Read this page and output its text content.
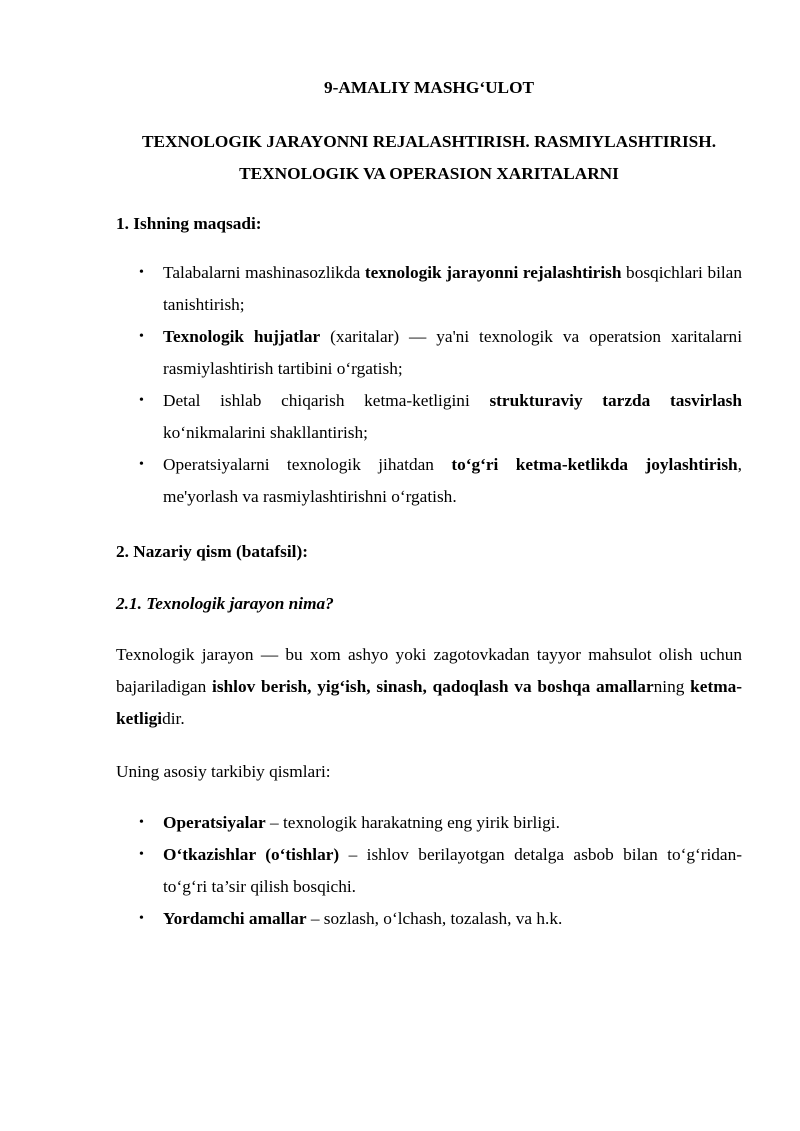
9-AMALIY MASHG‘ULOT
TEXNOLOGIK JARAYONNI REJALASHTIRISH. RASMIYLASHTIRISH.
TEXNOLOGIK VA OPERASION XARITALARNI
1. Ishning maqsadi:
• Talabalarni mashinasozlikda texnologik jarayonni rejalashtirish bosqichlari bilan tanishtirish;
• Texnologik hujjatlar (xaritalar) — ya'ni texnologik va operatsion xaritalarni rasmiylashtirish tartibini o‘rgatish;
• Detal ishlab chiqarish ketma-ketligini strukturaviy tarzda tasvirlash ko‘nikmalarini shakllantirish;
• Operatsiyalarni texnologik jihatdan to‘g‘ri ketma-ketlikda joylashtirish, me'yorlash va rasmiylashtirishni o‘rgatish.
2. Nazariy qism (batafsil):
2.1. Texnologik jarayon nima?
Texnologik jarayon — bu xom ashyo yoki zagotovkadan tayyor mahsulot olish uchun bajariladigan ishlov berish, yig‘ish, sinash, qadoqlash va boshqa amallarning ketma-ketligidir.
Uning asosiy tarkibiy qismlari:
• Operatsiyalar – texnologik harakatning eng yirik birligi.
• O‘tkazishlar (o‘tishlar) – ishlov berilayotgan detalga asbob bilan to‘g‘ridan-to‘g‘ri ta’sir qilish bosqichi.
• Yordamchi amallar – sozlash, o‘lchash, tozalash, va h.k.
